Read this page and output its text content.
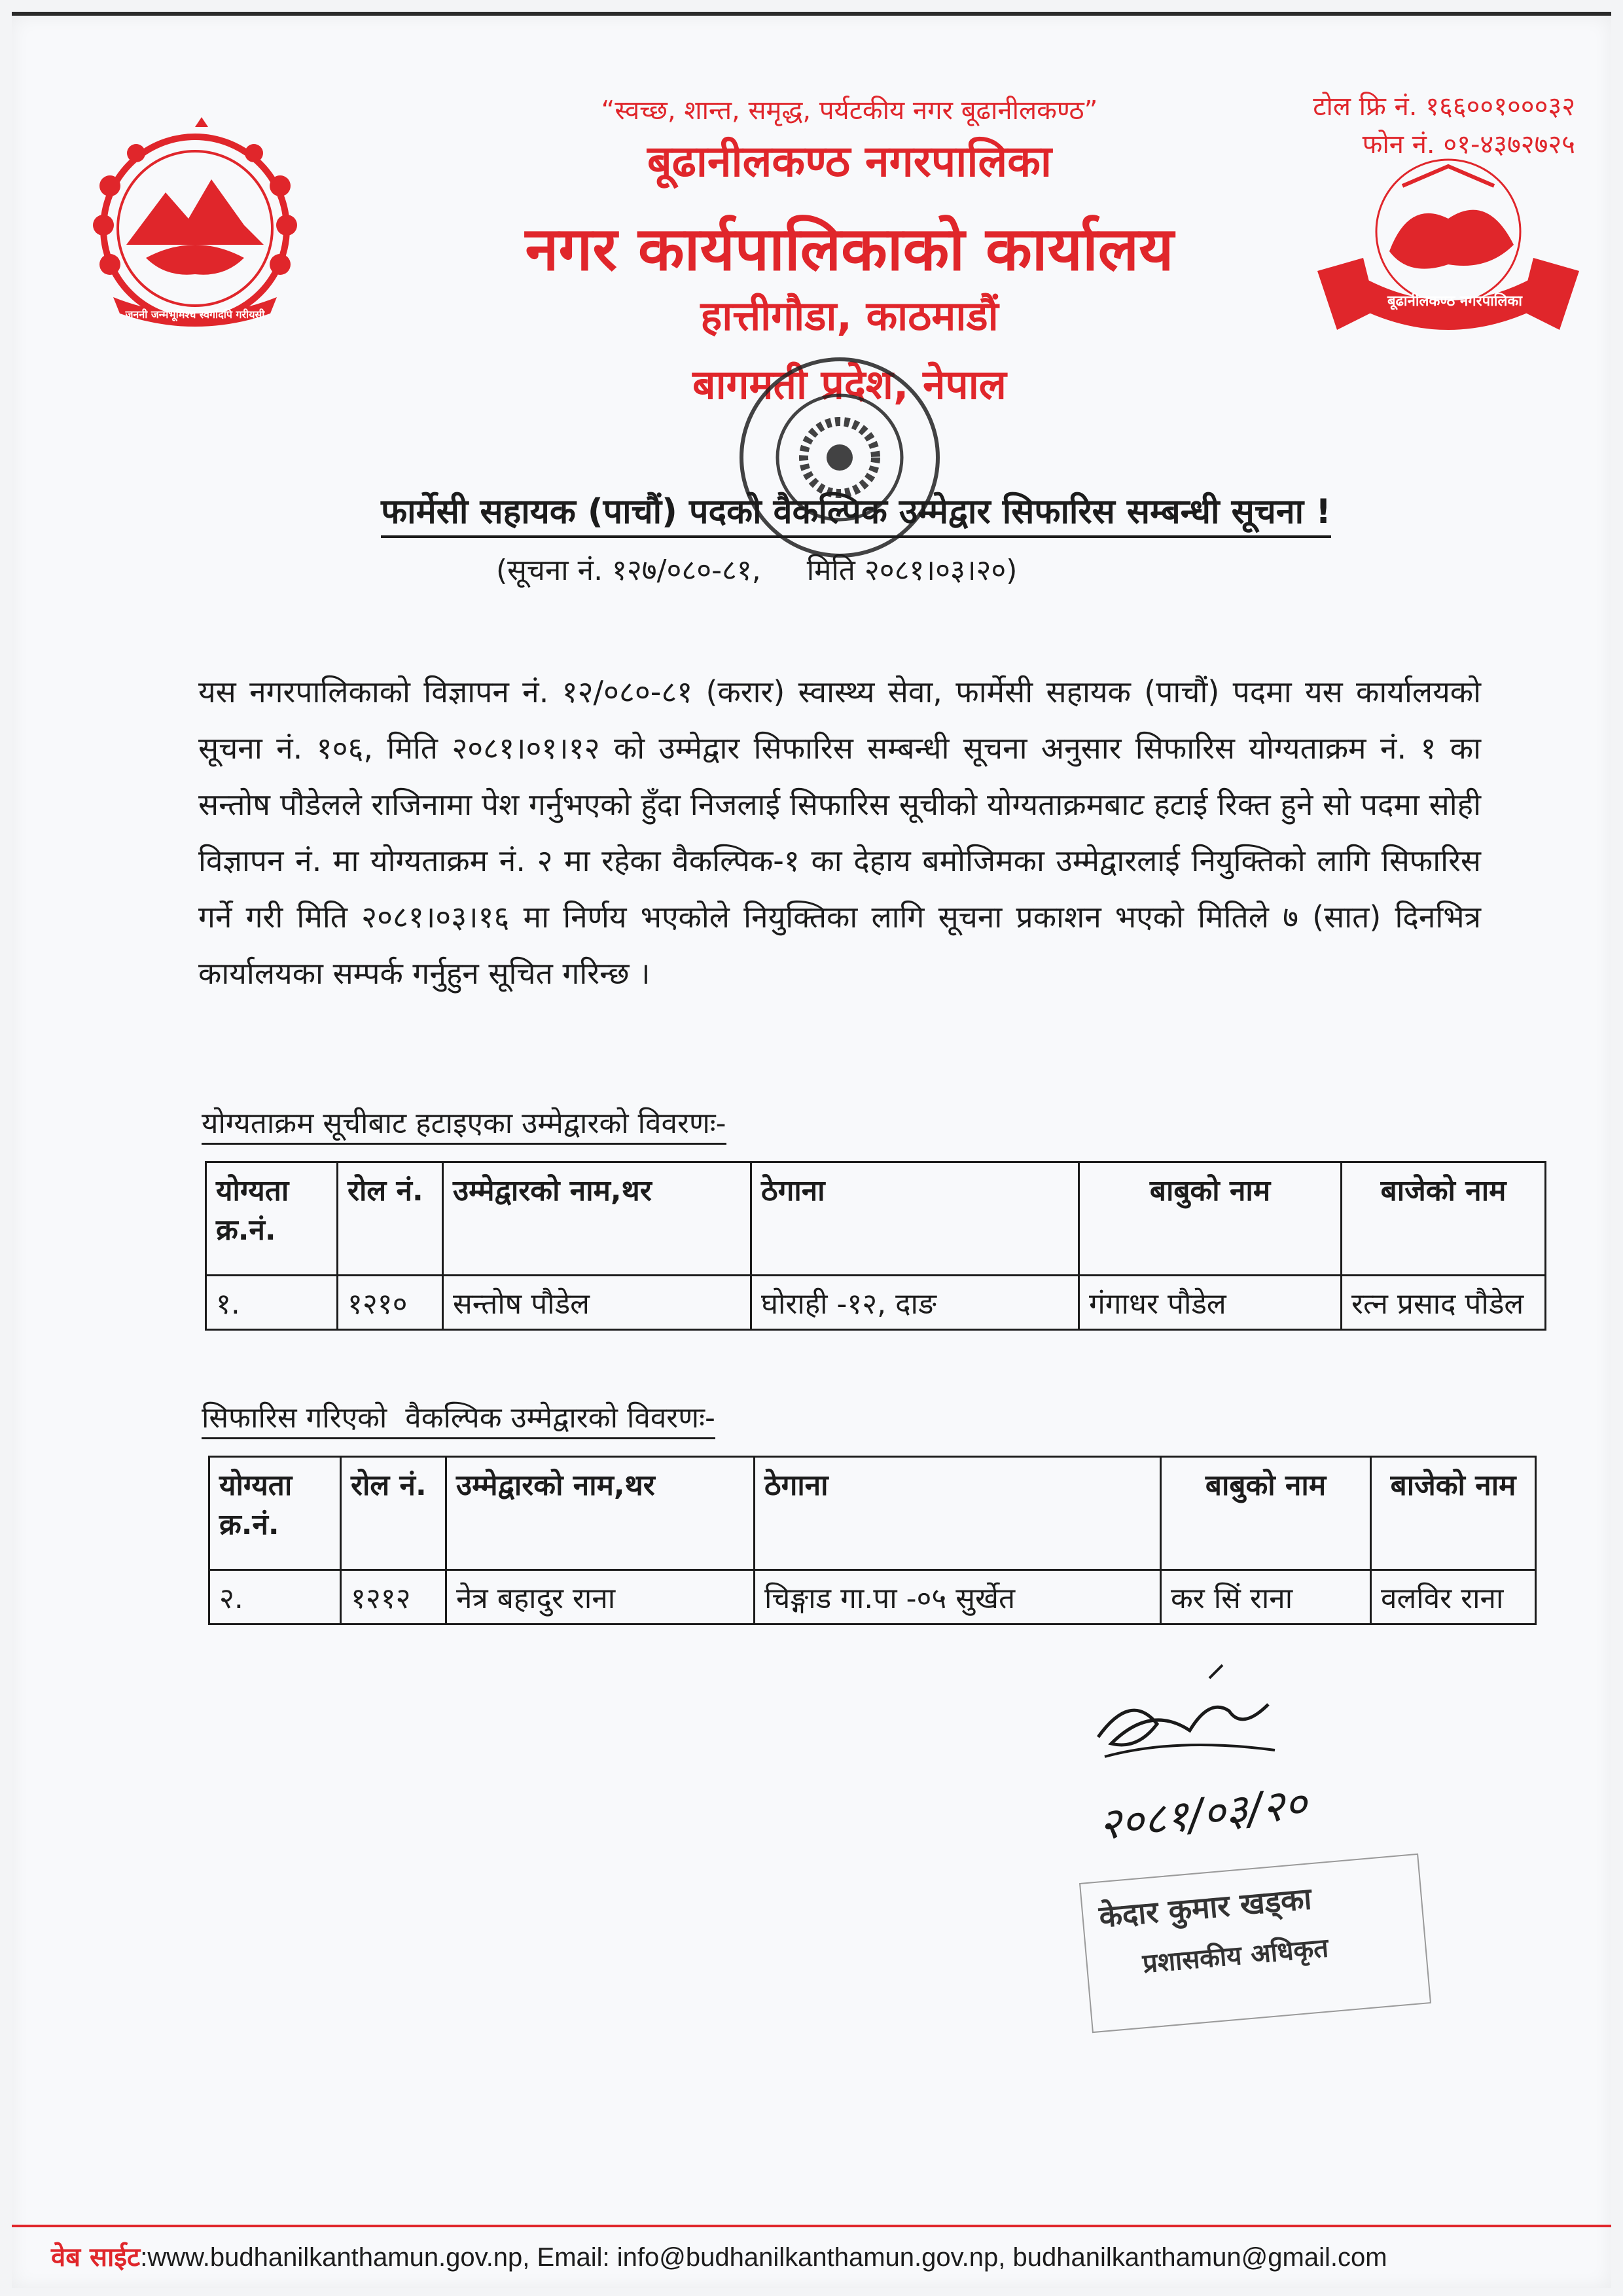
जननी जन्मभूमिश्च स्वर्गादपि गरीयसी
“स्वच्छ, शान्त, समृद्ध, पर्यटकीय नगर बूढानीलकण्ठ”
बूढानीलकण्ठ नगरपालिका
नगर कार्यपालिकाको कार्यालय
हात्तीगौडा, काठमाडौं
बागमती प्रदेश, नेपाल
टोल फ्रि नं. १६६००१०००३२
फोन नं. ०१-४३७२७२५
बूढानीलकण्ठ नगरपालिका
फार्मेसी सहायक (पाचौं) पदको वैकल्पिक उम्मेद्वार सिफारिस सम्बन्धी सूचना !
(सूचना नं. १२७/०८०-८१,     मिति २०८१।०३।२०)
यस नगरपालिकाको विज्ञापन नं. १२/०८०-८१ (करार) स्वास्थ्य सेवा, फार्मेसी सहायक (पाचौं) पदमा यस कार्यालयको सूचना नं. १०६, मिति २०८१।०१।१२ को उम्मेद्वार सिफारिस सम्बन्धी सूचना अनुसार सिफारिस योग्यताक्रम नं. १ का सन्तोष पौडेलले राजिनामा पेश गर्नुभएको हुँदा निजलाई सिफारिस सूचीको योग्यताक्रमबाट हटाई रिक्त हुने सो पदमा सोही विज्ञापन नं. मा योग्यताक्रम नं. २ मा रहेका वैकल्पिक-१ का देहाय बमोजिमका उम्मेद्वारलाई नियुक्तिको लागि सिफारिस गर्ने गरी मिति २०८१।०३।१६ मा निर्णय भएकोले नियुक्तिका लागि सूचना प्रकाशन भएको मितिले ७ (सात) दिनभित्र कार्यालयका सम्पर्क गर्नुहुन सूचित गरिन्छ ।
योग्यताक्रम सूचीबाट हटाइएका उम्मेद्वारको विवरणः-
योग्यता क्र.नं.	रोल नं.	उम्मेद्वारको नाम,थर	ठेगाना	बाबुको नाम	बाजेको नाम
१.	१२१०	सन्तोष पौडेल	घोराही -१२, दाङ	गंगाधर पौडेल	रत्न प्रसाद पौडेल
सिफारिस गरिएको  वैकल्पिक उम्मेद्वारको विवरणः-
योग्यता क्र.नं.	रोल नं.	उम्मेद्वारको नाम,थर	ठेगाना	बाबुको नाम	बाजेको नाम
२.	१२१२	नेत्र बहादुर राना	चिङ्गाड गा.पा -०५ सुर्खेत	कर सिं राना	वलविर राना
२०८१/०३/२०
केदार कुमार खड्का
प्रशासकीय अधिकृत
वेब साईट:www.budhanilkanthamun.gov.np, Email: info@budhanilkanthamun.gov.np, budhanilkanthamun@gmail.com
